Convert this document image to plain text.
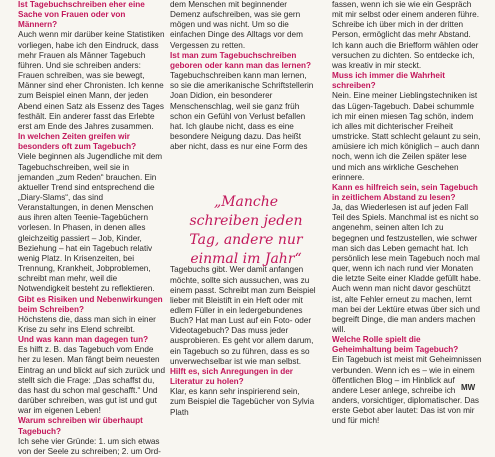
Ist Tagebuchschreiben eher eine Sache von Frauen oder von Männern?

Auch wenn mir darüber keine Statistiken vorliegen, habe ich den Eindruck, dass mehr Frauen als Männer Tagebuch führen. Und sie schreiben anders: Frauen schreiben, was sie bewegt, Männer sind eher Chronisten. Ich kenne zum Beispiel einen Mann, der jeden Abend einen Satz als Essenz des Tages festhält. Ein anderer fasst das Erlebte erst am Ende des Jahres zusammen.

In welchen Zeiten greifen wir besonders oft zum Tagebuch?

Viele beginnen als Jugendliche mit dem Tagebuchschreiben, weil sie in jemanden „zum Reden“ brauchen. Ein aktueller Trend sind entsprechend die „Diary-Slams“, das sind Veranstaltungen, in denen Menschen aus ihren alten Teenie-Tagebüchern vorlesen. In Phasen, in denen alles gleichzeitig passiert – Job, Kinder, Beziehung – hat ein Tagebuch relativ wenig Platz. In Krisenzeiten, bei Trennung, Krankheit, Jobproblemen, schreibt man mehr, weil die Notwendigkeit besteht zu reflektieren.

Gibt es Risiken und Nebenwirkungen beim Schreiben?

Höchstens die, dass man sich in einer Krise zu sehr ins Elend schreibt.

Und was kann man dagegen tun?

Es hilft z. B. das Tagebuch vom Ende her zu lesen. Man fängt beim neuesten Eintrag an und blickt auf sich zurück und stellt sich die Frage: „Das schaffst du, das hast du schon mal geschafft.“ Und darüber schreiben, was gut ist und gut war im eigenen Leben!

Warum schreiben wir überhaupt Tagebuch?

Ich sehe vier Gründe: 1. um sich etwas von der Seele zu schreiben; 2. um Ord-

dem Menschen mit beginnender Demenz aufschreiben, was sie gern mögen und was nicht. Um so die einfachen Dinge des Alltags vor dem Vergessen zu retten.

Ist man zum Tagebuchschreiben geboren oder kann man das lernen?

Tagebuchschreiben kann man lernen, so sie die amerikanische Schriftstellerin Joan Didion, ein besonderer Menschenschlag, weil sie ganz früh schon ein Gefühl von Verlust befallen hat. Ich glaube nicht, dass es eine besondere Neigung dazu. Das heißt aber nicht, dass es nur eine Form des

Tagebuchs gibt. Wer damit anfangen möchte, sollte sich aussuchen, was zu einem passt. Schreibt man zum Beispiel lieber mit Bleistift in ein Heft oder mit edlem Füller in ein ledergebundenes Buch? Hat man Lust auf ein Foto- oder Videotagebuch? Das muss jeder ausprobieren. Es geht vor allem darum, ein Tagebuch so zu führen, dass es so unverwechselbar ist wie man selbst.

Hilft es, sich Anregungen in der Literatur zu holen?

Klar, es kann sehr inspirierend sein, zum Beispiel die Tagebücher von Sylvia Plath

„Manche schreiben jeden Tag, andere nur einmal im Jahr“

fassen, wenn ich sie wie ein Gespräch mit mir selbst oder einem anderen führe. Schreibe ich über mich in der dritten Person, ermöglicht das mehr Abstand. Ich kann auch die Briefform wählen oder versuchen zu dichten. So entdecke ich, was kreativ in mir steckt.

Muss ich immer die Wahrheit schreiben?

Nein. Eine meiner Lieblingstechniken ist das Lügen-Tagebuch. Dabei schummle ich mir einen miesen Tag schön, indem ich alles mit dichterischer Freiheit umstricke. Statt schlecht gelaunt zu sein, amüsiere ich mich königlich – auch dann noch, wenn ich die Zeilen später lese und mich ans wirkliche Geschehen erinnere.

Kann es hilfreich sein, sein Tagebuch in zeitlichem Abstand zu lesen?

Ja, das Wiederlesen ist auf jeden Fall Teil des Spiels. Manchmal ist es nicht so angenehm, seinen alten Ich zu begegnen und festzustellen, wie schwer man sich das Leben gemacht hat. Ich persönlich lese mein Tagebuch noch mal quer, wenn ich nach rund vier Monaten die letzte Seite einer Kladde gefüllt habe. Auch wenn man nicht davor geschützt ist, alte Fehler erneut zu machen, lernt man bei der Lektüre etwas über sich und begreift Dinge, die man anders machen will.

Welche Rolle spielt die Geheimhaltung beim Tagebuch?

Ein Tagebuch ist meist mit Geheimnissen verbunden. Wenn ich es – wie in einem öffentlichen Blog – im Hinblick auf andere Leser anlege, schreibe ich anders, vorsichtiger, diplomatischer. Das erste Gebot aber lautet: Das ist von mir und für mich!

MW
